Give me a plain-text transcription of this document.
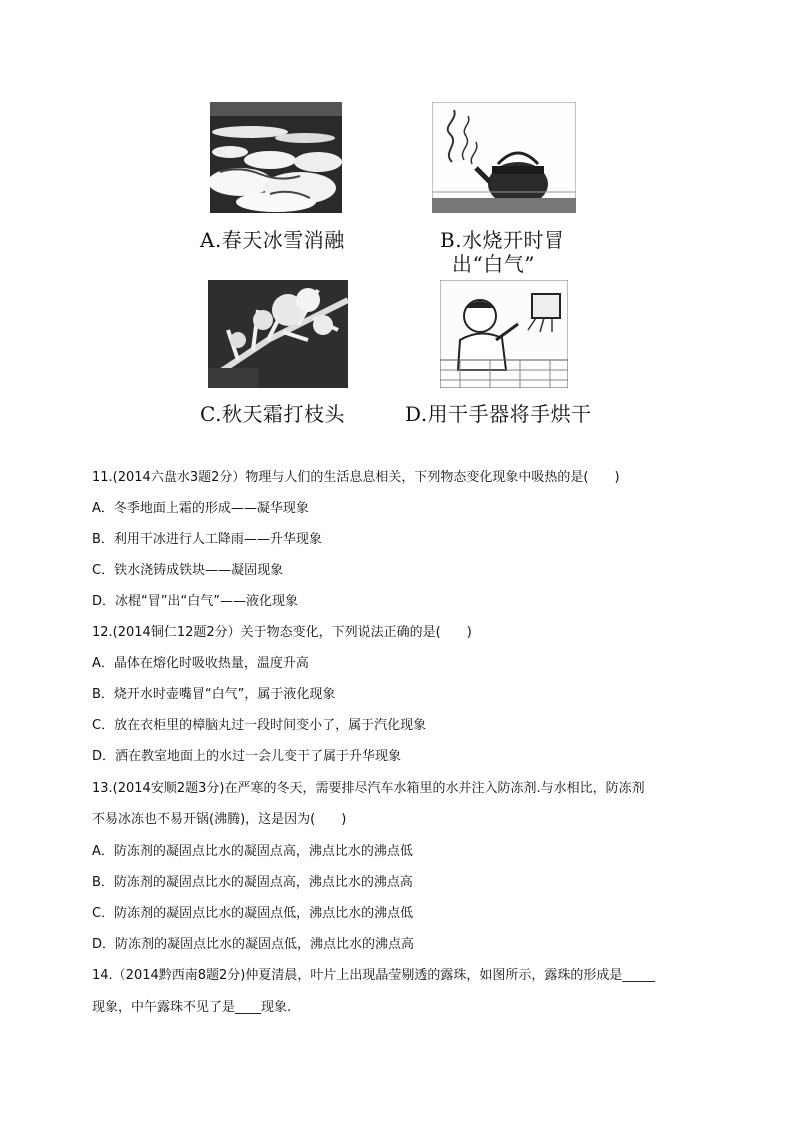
A.春天冰雪消融	B.水烧开时冒
出“白气”
C.秋天霜打枝头	D.用干手器将手烘干
11.(2014六盘水3题2分）物理与人们的生活息息相关，下列物态变化现象中吸热的是(　　)
A．冬季地面上霜的形成——凝华现象
B．利用干冰进行人工降雨——升华现象
C．铁水浇铸成铁块——凝固现象
D．冰棍“冒”出“白气”——液化现象
12.(2014铜仁12题2分）关于物态变化，下列说法正确的是(　　)
A．晶体在熔化时吸收热量，温度升高
B．烧开水时壶嘴冒“白气”，属于液化现象
C．放在衣柜里的樟脑丸过一段时间变小了，属于汽化现象
D．洒在教室地面上的水过一会儿变干了属于升华现象
13.(2014安顺2题3分)在严寒的冬天，需要排尽汽车水箱里的水并注入防冻剂.与水相比，防冻剂
不易冰冻也不易开锅(沸腾)，这是因为(　　)
A．防冻剂的凝固点比水的凝固点高，沸点比水的沸点低
B．防冻剂的凝固点比水的凝固点高，沸点比水的沸点高
C．防冻剂的凝固点比水的凝固点低，沸点比水的沸点低
D．防冻剂的凝固点比水的凝固点低，沸点比水的沸点高
14.（2014黔西南8题2分)仲夏清晨，叶片上出现晶莹剔透的露珠，如图所示，露珠的形成是_____
现象，中午露珠不见了是____现象.
